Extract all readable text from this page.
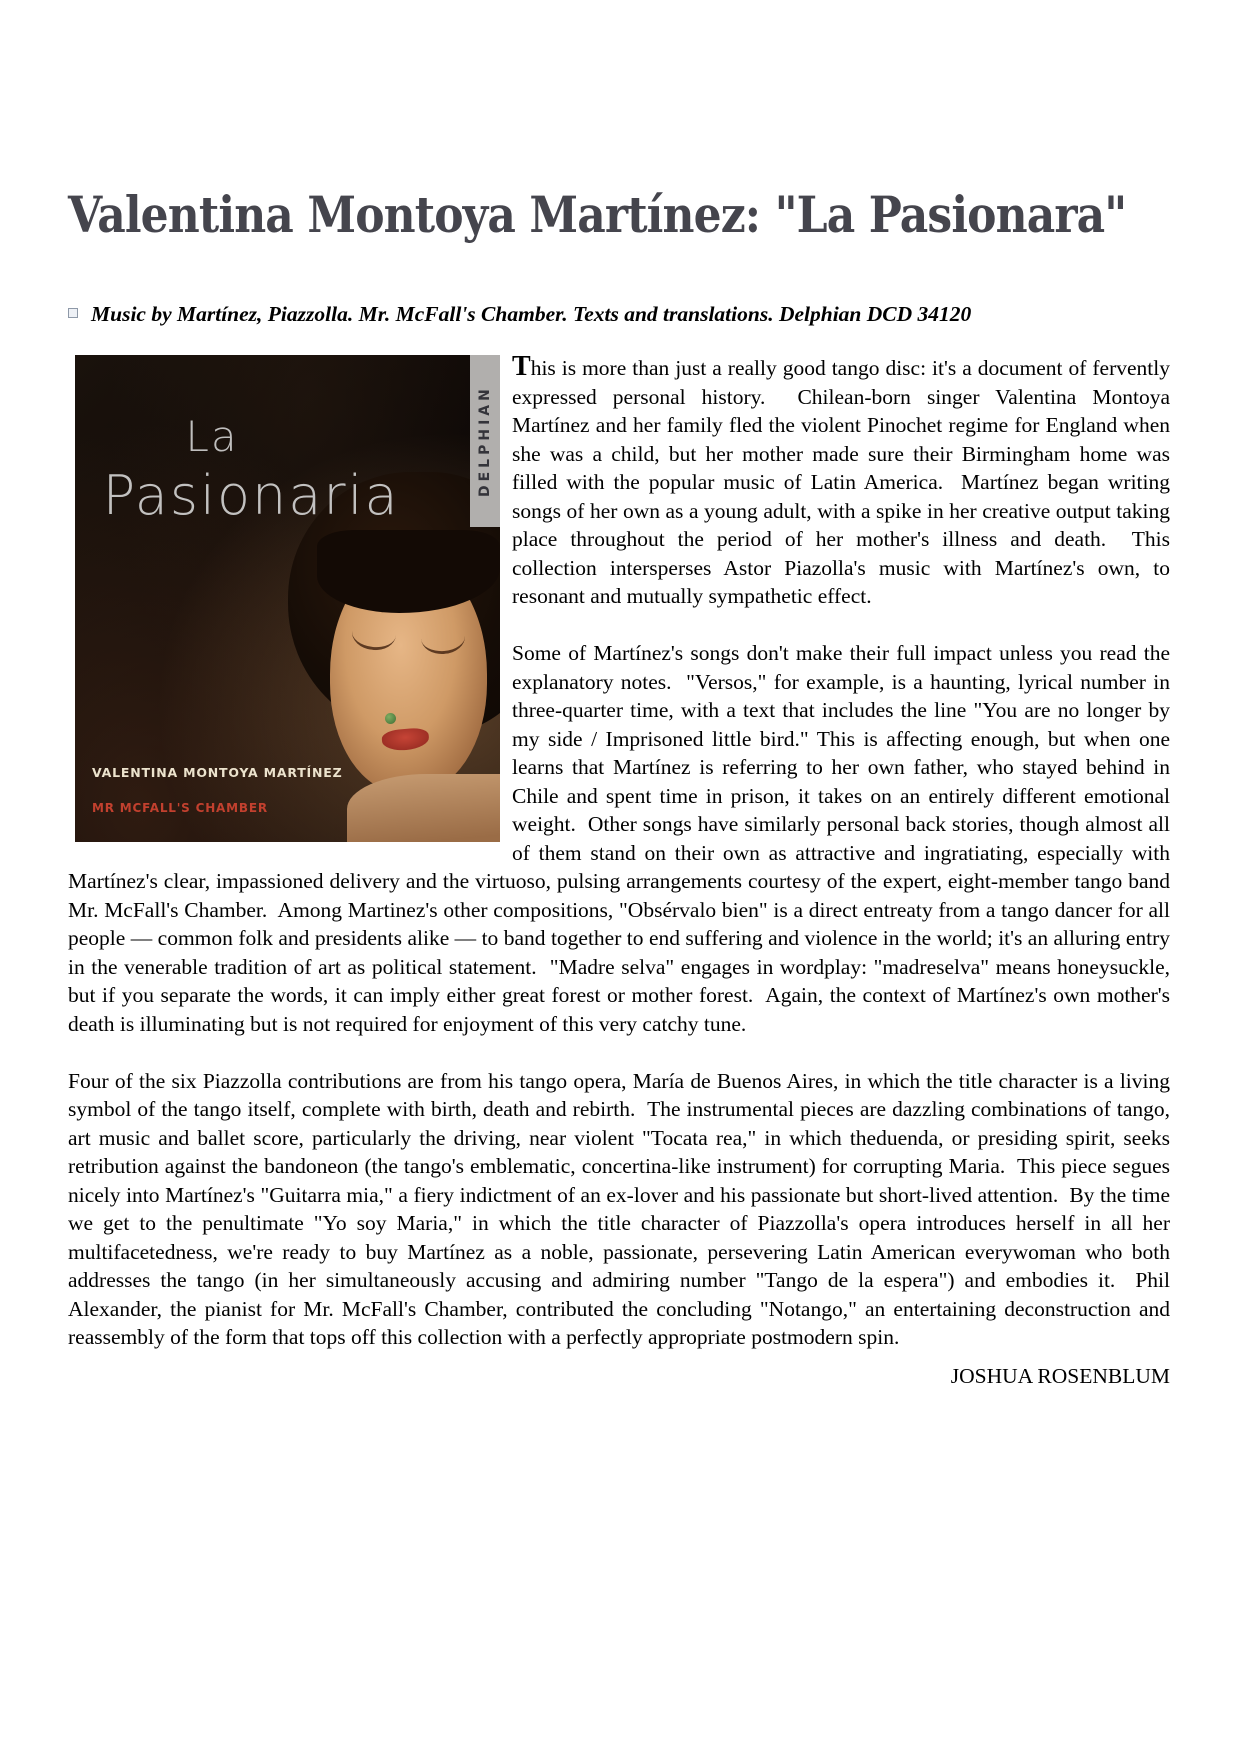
Valentina Montoya Martínez: "La Pasionara"
Music by Martínez, Piazzolla. Mr. McFall's Chamber. Texts and translations. Delphian DCD 34120
La
Pasionaria	DELPHIAN
VALENTINA MONTOYA MARTÍNEZ
MR MCFALL'S CHAMBER

This is more than just a really good tango disc: it's a document of fervently expressed personal history.  Chilean-born singer Valentina Montoya Martínez and her family fled the violent Pinochet regime for England when she was a child, but her mother made sure their Birmingham home was filled with the popular music of Latin America.  Martínez began writing songs of her own as a young adult, with a spike in her creative output taking place throughout the period of her mother's illness and death.  This collection intersperses Astor Piazolla's music with Martínez's own, to resonant and mutually sympathetic effect.

Some of Martínez's songs don't make their full impact unless you read the explanatory notes.  "Versos," for example, is a haunting, lyrical number in three-quarter time, with a text that includes the line "You are no longer by my side / Imprisoned little bird." This is affecting enough, but when one learns that Martínez is referring to her own father, who stayed behind in Chile and spent time in prison, it takes on an entirely different emotional weight.  Other songs have similarly personal back stories, though almost all of them stand on their own as attractive and ingratiating, especially with Martínez's clear, impassioned delivery and the virtuoso, pulsing arrangements courtesy of the expert, eight-member tango band Mr. McFall's Chamber.  Among Martinez's other compositions, "Obsérvalo bien" is a direct entreaty from a tango dancer for all people — common folk and presidents alike — to band together to end suffering and violence in the world; it's an alluring entry in the venerable tradition of art as political statement.  "Madre selva" engages in wordplay: "madreselva" means honeysuckle, but if you separate the words, it can imply either great forest or mother forest.  Again, the context of Martínez's own mother's death is illuminating but is not required for enjoyment of this very catchy tune.

Four of the six Piazzolla contributions are from his tango opera, María de Buenos Aires, in which the title character is a living symbol of the tango itself, complete with birth, death and rebirth.  The instrumental pieces are dazzling combinations of tango, art music and ballet score, particularly the driving, near violent "Tocata rea," in which theduenda, or presiding spirit, seeks retribution against the bandoneon (the tango's emblematic, concertina-like instrument) for corrupting Maria.  This piece segues nicely into Martínez's "Guitarra mia," a fiery indictment of an ex-lover and his passionate but short-lived attention.  By the time we get to the penultimate "Yo soy Maria," in which the title character of Piazzolla's opera introduces herself in all her multifacetedness, we're ready to buy Martínez as a noble, passionate, persevering Latin American everywoman who both addresses the tango (in her simultaneously accusing and admiring number "Tango de la espera") and embodies it.  Phil Alexander, the pianist for Mr. McFall's Chamber, contributed the concluding "Notango," an entertaining deconstruction and reassembly of the form that tops off this collection with a perfectly appropriate postmodern spin.

JOSHUA ROSENBLUM
